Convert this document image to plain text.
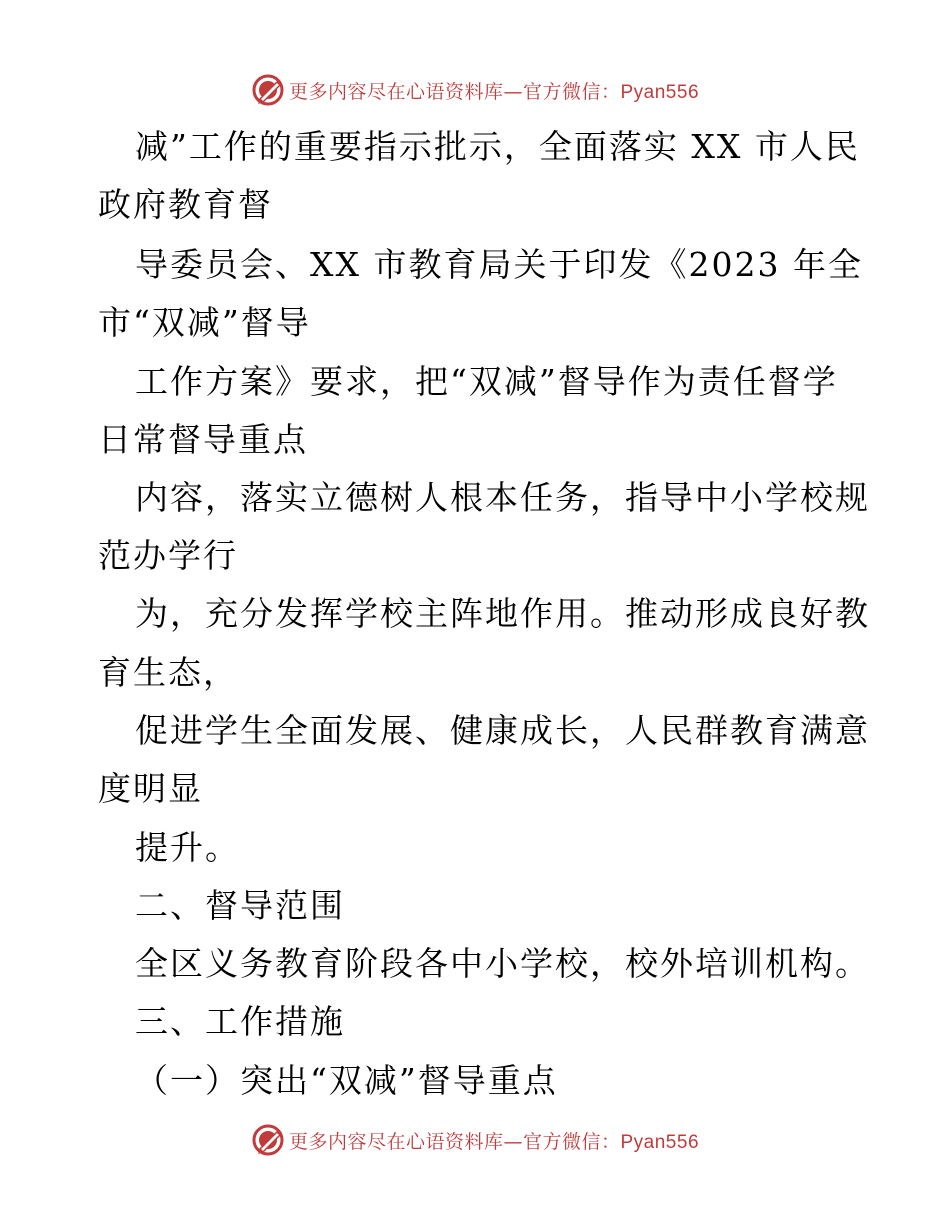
更多内容尽在心语资料库—官方微信：Pyan556
减”工作的重要指示批示，全面落实 XX 市人民
政府教育督
导委员会、XX 市教育局关于印发《2023 年全
市“双减”督导
工作方案》要求，把“双减”督导作为责任督学
日常督导重点
内容，落实立德树人根本任务，指导中小学校规
范办学行
为，充分发挥学校主阵地作用。推动形成良好教
育生态，
促进学生全面发展、健康成长，人民群教育满意
度明显
提升。
二、督导范围
全区义务教育阶段各中小学校，校外培训机构。
三、工作措施
（一）突出“双减”督导重点
更多内容尽在心语资料库—官方微信：Pyan556
